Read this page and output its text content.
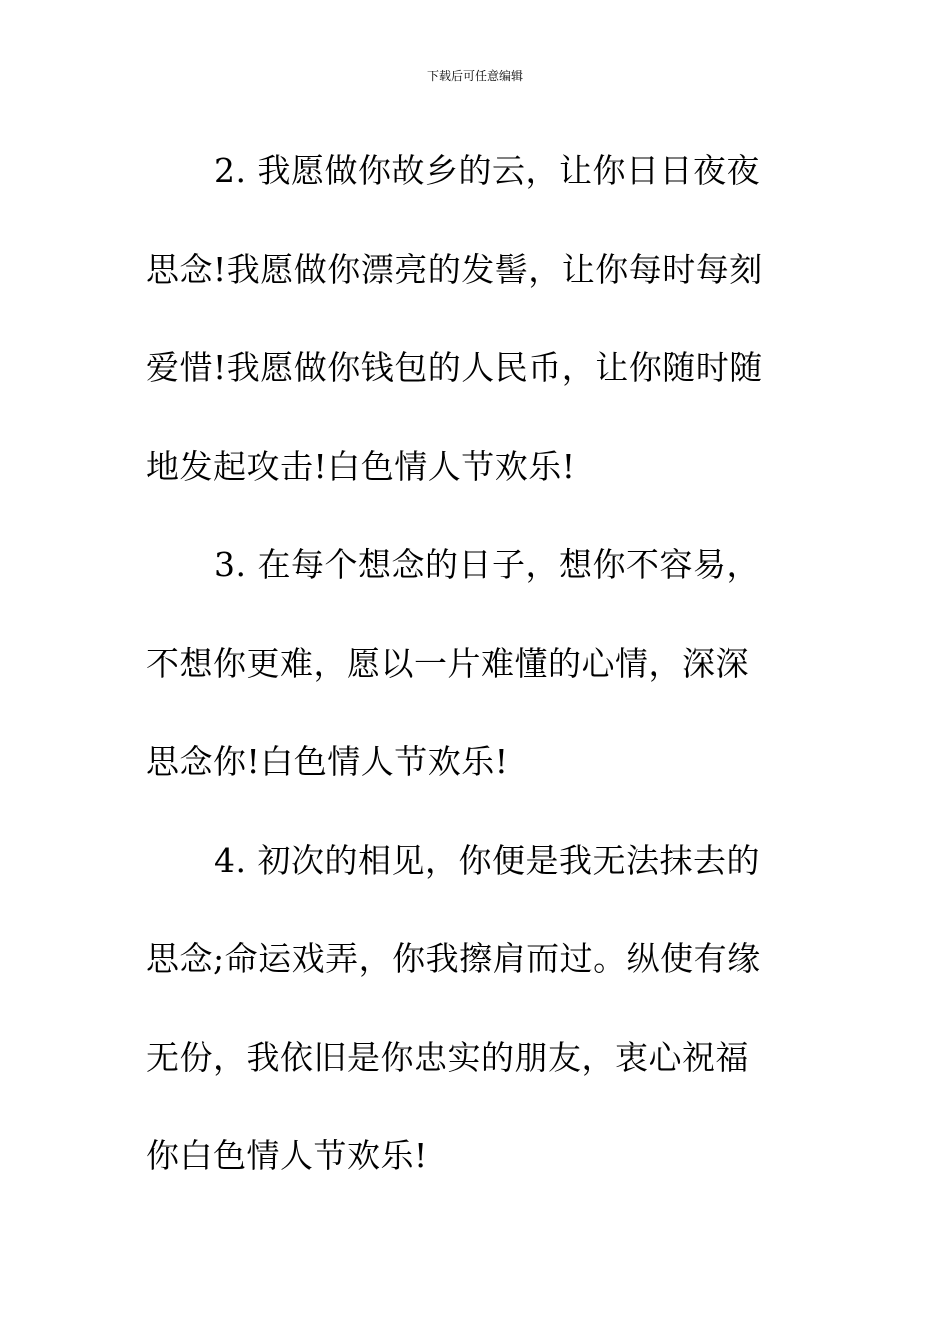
下载后可任意编辑

2. 我愿做你故乡的云，让你日日夜夜
思念!我愿做你漂亮的发髻，让你每时每刻
爱惜!我愿做你钱包的人民币，让你随时随
地发起攻击!白色情人节欢乐!

3. 在每个想念的日子，想你不容易，
不想你更难，愿以一片难懂的心情，深深
思念你!白色情人节欢乐!

4. 初次的相见，你便是我无法抹去的
思念;命运戏弄，你我擦肩而过。纵使有缘
无份，我依旧是你忠实的朋友，衷心祝福
你白色情人节欢乐!
